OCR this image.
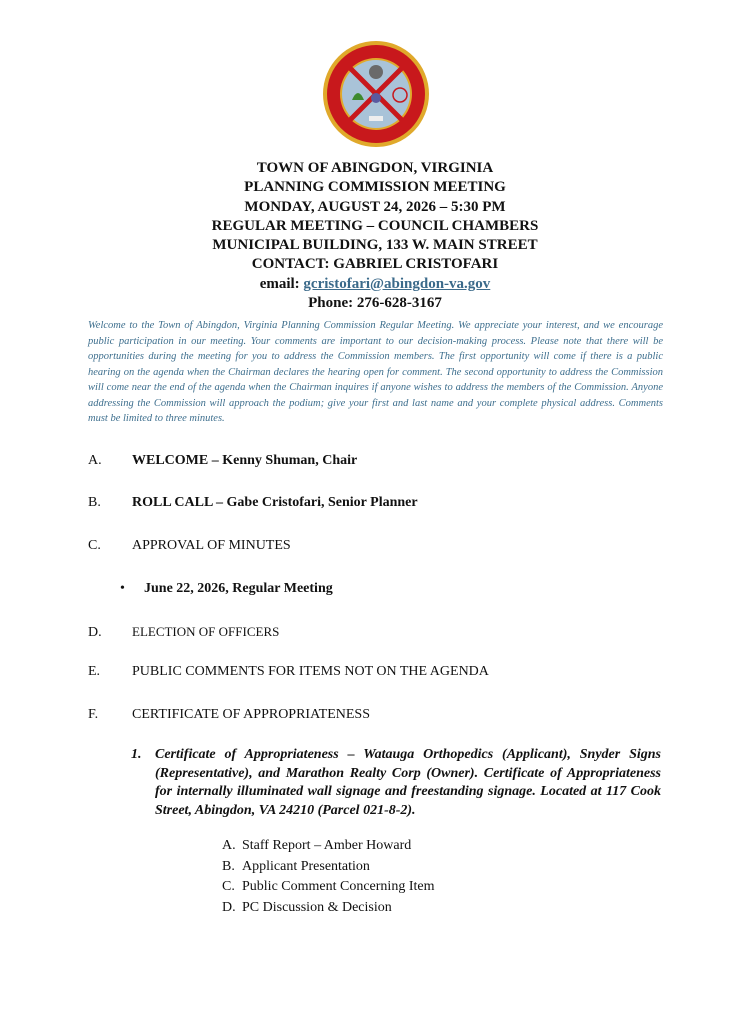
TOWN OF ABINGDON, VIRGINIA
PLANNING COMMISSION MEETING
MONDAY, AUGUST 24, 2026 – 5:30 PM
REGULAR MEETING – COUNCIL CHAMBERS
MUNICIPAL BUILDING, 133 W. MAIN STREET
CONTACT: GABRIEL CRISTOFARI
email: gcristofari@abingdon-va.gov
Phone: 276-628-3167
Welcome to the Town of Abingdon, Virginia Planning Commission Regular Meeting. We appreciate your interest, and we encourage public participation in our meeting. Your comments are important to our decision-making process. Please note that there will be opportunities during the meeting for you to address the Commission members. The first opportunity will come if there is a public hearing on the agenda when the Chairman declares the hearing open for comment. The second opportunity to address the Commission will come near the end of the agenda when the Chairman inquires if anyone wishes to address the members of the Commission. Anyone addressing the Commission will approach the podium; give your first and last name and your complete physical address. Comments must be limited to three minutes.
A. WELCOME – Kenny Shuman, Chair
B. ROLL CALL – Gabe Cristofari, Senior Planner
C. APPROVAL OF MINUTES
• June 22, 2026, Regular Meeting
D. ELECTION OF OFFICERS
E. PUBLIC COMMENTS FOR ITEMS NOT ON THE AGENDA
F. CERTIFICATE OF APPROPRIATENESS
1. Certificate of Appropriateness – Watauga Orthopedics (Applicant), Snyder Signs (Representative), and Marathon Realty Corp (Owner). Certificate of Appropriateness for internally illuminated wall signage and freestanding signage. Located at 117 Cook Street, Abingdon, VA 24210 (Parcel 021-8-2).
A. Staff Report – Amber Howard
B. Applicant Presentation
C. Public Comment Concerning Item
D. PC Discussion & Decision
